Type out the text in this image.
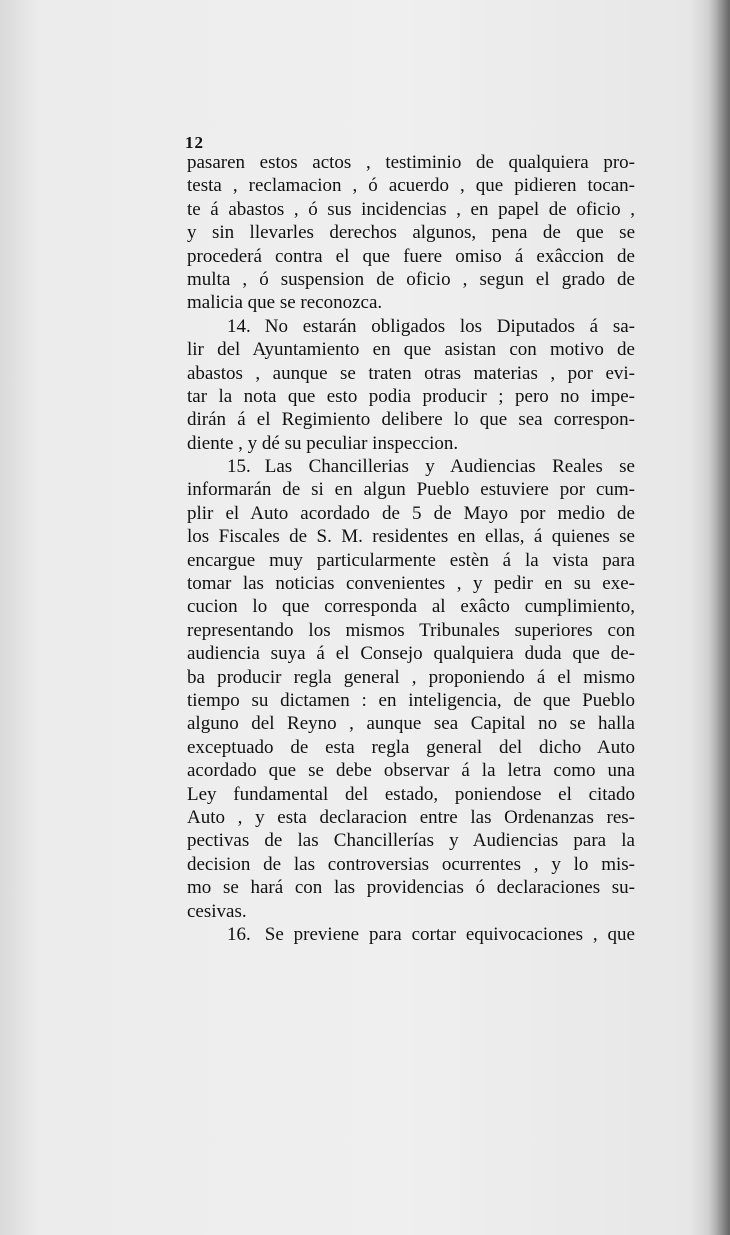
12
pasaren estos actos , testiminio de qualquiera pro-
testa , reclamacion , ó acuerdo , que pidieren tocan-
te á abastos , ó sus incidencias , en papel de oficio ,
y sin llevarles derechos algunos, pena de que se
procederá contra el que fuere omiso á exâccion de
multa , ó suspension de oficio , segun el grado de
malicia que se reconozca.
14. No estarán obligados los Diputados á sa-
lir del Ayuntamiento en que asistan con motivo de
abastos , aunque se traten otras materias , por evi-
tar la nota que esto podia producir ; pero no impe-
dirán á el Regimiento delibere lo que sea correspon-
diente , y dé su peculiar inspeccion.
15. Las Chancillerias y Audiencias Reales se
informarán de si en algun Pueblo estuviere por cum-
plir el Auto acordado de 5 de Mayo por medio de
los Fiscales de S. M. residentes en ellas, á quienes se
encargue muy particularmente estèn á la vista para
tomar las noticias convenientes , y pedir en su exe-
cucion lo que corresponda al exâcto cumplimiento,
representando los mismos Tribunales superiores con
audiencia suya á el Consejo qualquiera duda que de-
ba producir regla general , proponiendo á el mismo
tiempo su dictamen : en inteligencia, de que Pueblo
alguno del Reyno , aunque sea Capital no se halla
exceptuado de esta regla general del dicho Auto
acordado que se debe observar á la letra como una
Ley fundamental del estado, poniendose el citado
Auto , y esta declaracion entre las Ordenanzas res-
pectivas de las Chancillerías y Audiencias para la
decision de las controversias ocurrentes , y lo mis-
mo se hará con las providencias ó declaraciones su-
cesivas.
16. Se previene para cortar equivocaciones , que
